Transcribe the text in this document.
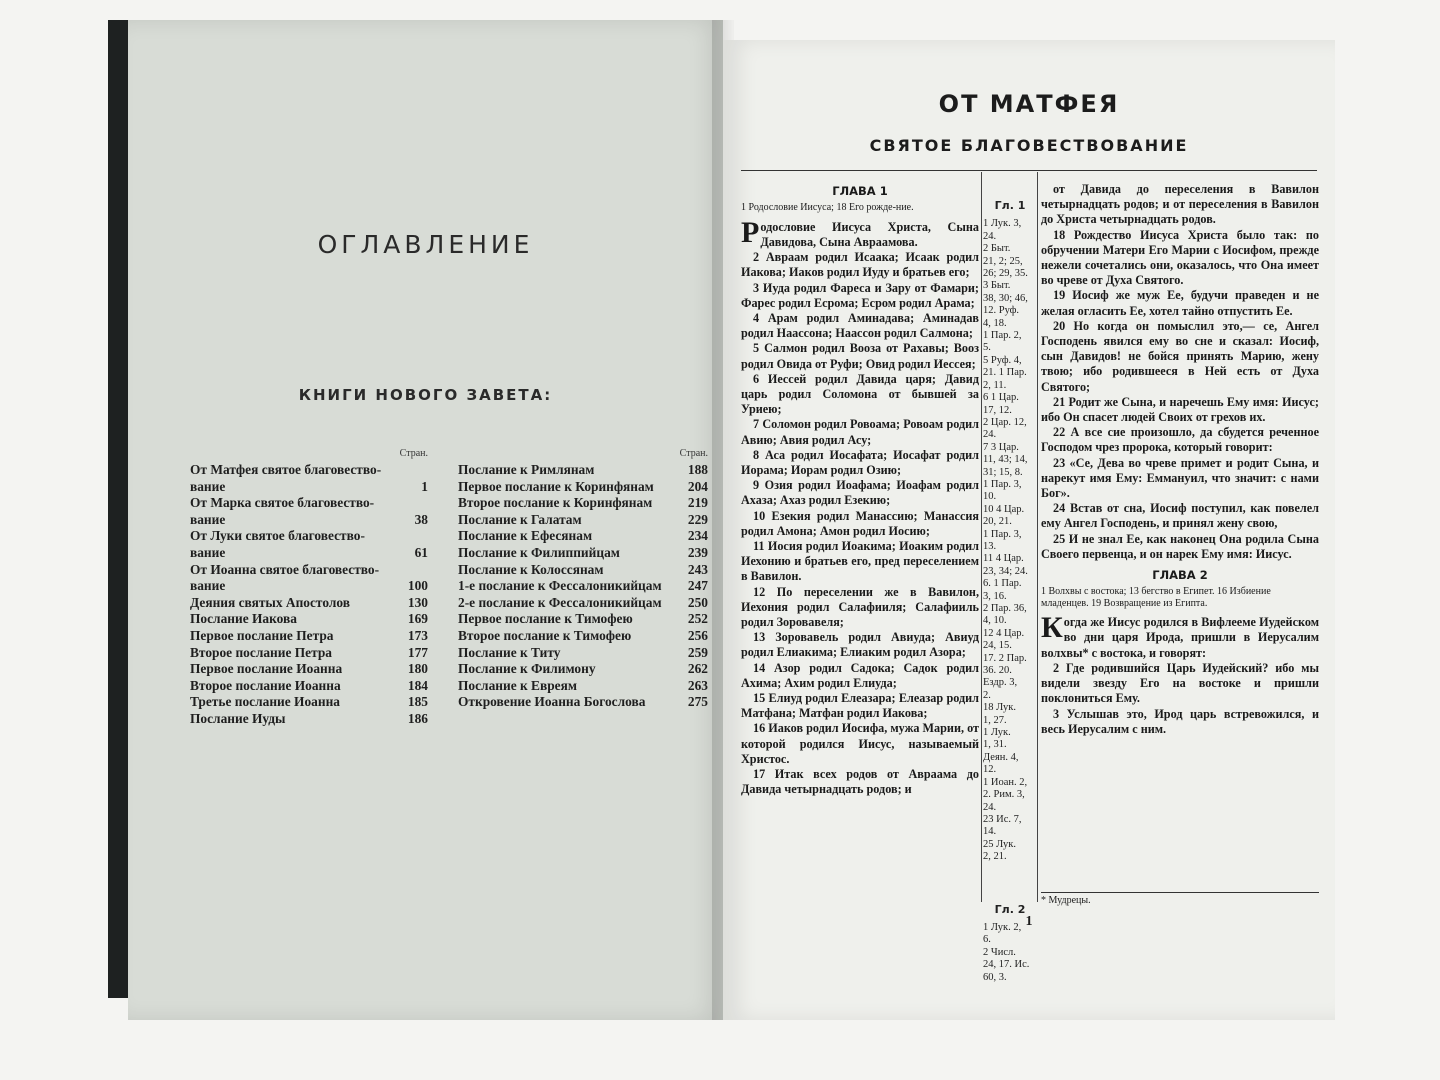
ОГЛАВЛЕНИЕ
КНИГИ НОВОГО ЗАВЕТА:
Стран.
От Матфея святое благовество-вание	1
От Марка святое благовество-вание	38
От Луки святое благовество-вание	61
От Иоанна святое благовество-вание	100
Деяния святых Апостолов	130
Послание Иакова	169
Первое послание Петра	173
Второе послание Петра	177
Первое послание Иоанна	180
Второе послание Иоанна	184
Третье послание Иоанна	185
Послание Иуды	186
Стран.
Послание к Римлянам	188
Первое послание к Коринфянам	204
Второе послание к Коринфянам	219
Послание к Галатам	229
Послание к Ефесянам	234
Послание к Филиппийцам	239
Послание к Колоссянам	243
1-е послание к Фессалоникийцам	247
2-е послание к Фессалоникийцам	250
Первое послание к Тимофею	252
Второе послание к Тимофею	256
Послание к Титу	259
Послание к Филимону	262
Послание к Евреям	263
Откровение Иоанна Богослова	275
ОТ МАТФЕЯ
СВЯТОЕ БЛАГОВЕСТВОВАНИЕ
ГЛАВА 1
1 Родословие Иисуса; 18 Его рожде-ние.
Родословие Иисуса Христа, Сына Давидова, Сына Авраамова.
2 Авраам родил Исаака; Исаак родил Иакова; Иаков родил Иуду и братьев его;
3 Иуда родил Фареса и Зару от Фамари; Фарес родил Есрома; Есром родил Арама;
4 Арам родил Аминадава; Аминадав родил Наассона; Наассон родил Салмона;
5 Салмон родил Вооза от Рахавы; Вооз родил Овида от Руфи; Овид родил Иессея;
6 Иессей родил Давида царя; Давид царь родил Соломона от бывшей за Уриею;
7 Соломон родил Ровоама; Ровоам родил Авию; Авия родил Асу;
8 Аса родил Иосафата; Иосафат родил Иорама; Иорам родил Озию;
9 Озия родил Иоафама; Иоафам родил Ахаза; Ахаз родил Езекию;
10 Езекия родил Манассию; Манассия родил Амона; Амон родил Иосию;
11 Иосия родил Иоакима; Иоаким родил Иехонию и братьев его, пред переселением в Вавилон.
12 По переселении же в Вавилон, Иехония родил Салафииля; Салафииль родил Зоровавеля;
13 Зоровавель родил Авиуда; Авиуд родил Елиакима; Елиаким родил Азора;
14 Азор родил Садока; Садок родил Ахима; Ахим родил Елиуда;
15 Елиуд родил Елеазара; Елеазар родил Матфана; Матфан родил Иакова;
16 Иаков родил Иосифа, мужа Марии, от которой родился Иисус, называемый Христос.
17 Итак всех родов от Авраама до Давида четырнадцать родов; и
Гл. 1
1 Лук. 3,
24.
2 Быт.
21, 2; 25,
26; 29, 35.
3 Быт.
38, 30; 46,
12. Руф.
4, 18.
1 Пар. 2,
5.
5 Руф. 4,
21. 1 Пар.
2, 11.
6 1 Цар.
17, 12.
2 Цар. 12,
24.
7 3 Цар.
11, 43; 14,
31; 15, 8.
1 Пар. 3,
10.
10 4 Цар.
20, 21.
1 Пар. 3,
13.
11 4 Цар.
23, 34; 24.
6. 1 Пар.
3, 16.
2 Пар. 36,
4, 10.
12 4 Цар.
24, 15.
17. 2 Пар.
36. 20.
Ездр. 3,
2.
18 Лук.
1, 27.
1 Лук.
1, 31.
Деян. 4,
12.
1 Иоан. 2,
2. Рим. 3,
24.
23 Ис. 7,
14.
25 Лук.
2, 21.
Гл. 2
1 Лук. 2,
6.
2 Числ.
24, 17. Ис.
60, 3.
от Давида до переселения в Вавилон четырнадцать родов; и от переселения в Вавилон до Христа четырнадцать родов.
18 Рождество Иисуса Христа было так: по обручении Матери Его Марии с Иосифом, прежде нежели сочетались они, оказалось, что Она имеет во чреве от Духа Святого.
19 Иосиф же муж Ее, будучи праведен и не желая огласить Ее, хотел тайно отпустить Ее.
20 Но когда он помыслил это,— се, Ангел Господень явился ему во сне и сказал: Иосиф, сын Давидов! не бойся принять Марию, жену твою; ибо родившееся в Ней есть от Духа Святого;
21 Родит же Сына, и наречешь Ему имя: Иисус; ибо Он спасет людей Своих от грехов их.
22 А все сие произошло, да сбудется реченное Господом чрез пророка, который говорит:
23 «Се, Дева во чреве примет и родит Сына, и нарекут имя Ему: Еммануил, что значит: с нами Бог».
24 Встав от сна, Иосиф поступил, как повелел ему Ангел Господень, и принял жену свою,
25 И не знал Ее, как наконец Она родила Сына Своего первенца, и он нарек Ему имя: Иисус.
ГЛАВА 2
1 Волхвы с востока; 13 бегство в Египет. 16 Избиение младенцев. 19 Возвращение из Египта.
Когда же Иисус родился в Вифлееме Иудейском во дни царя Ирода, пришли в Иерусалим волхвы* с востока, и говорят:
2 Где родившийся Царь Иудейский? ибо мы видели звезду Его на востоке и пришли поклониться Ему.
3 Услышав это, Ирод царь встревожился, и весь Иерусалим с ним.
* Мудрецы.
1
